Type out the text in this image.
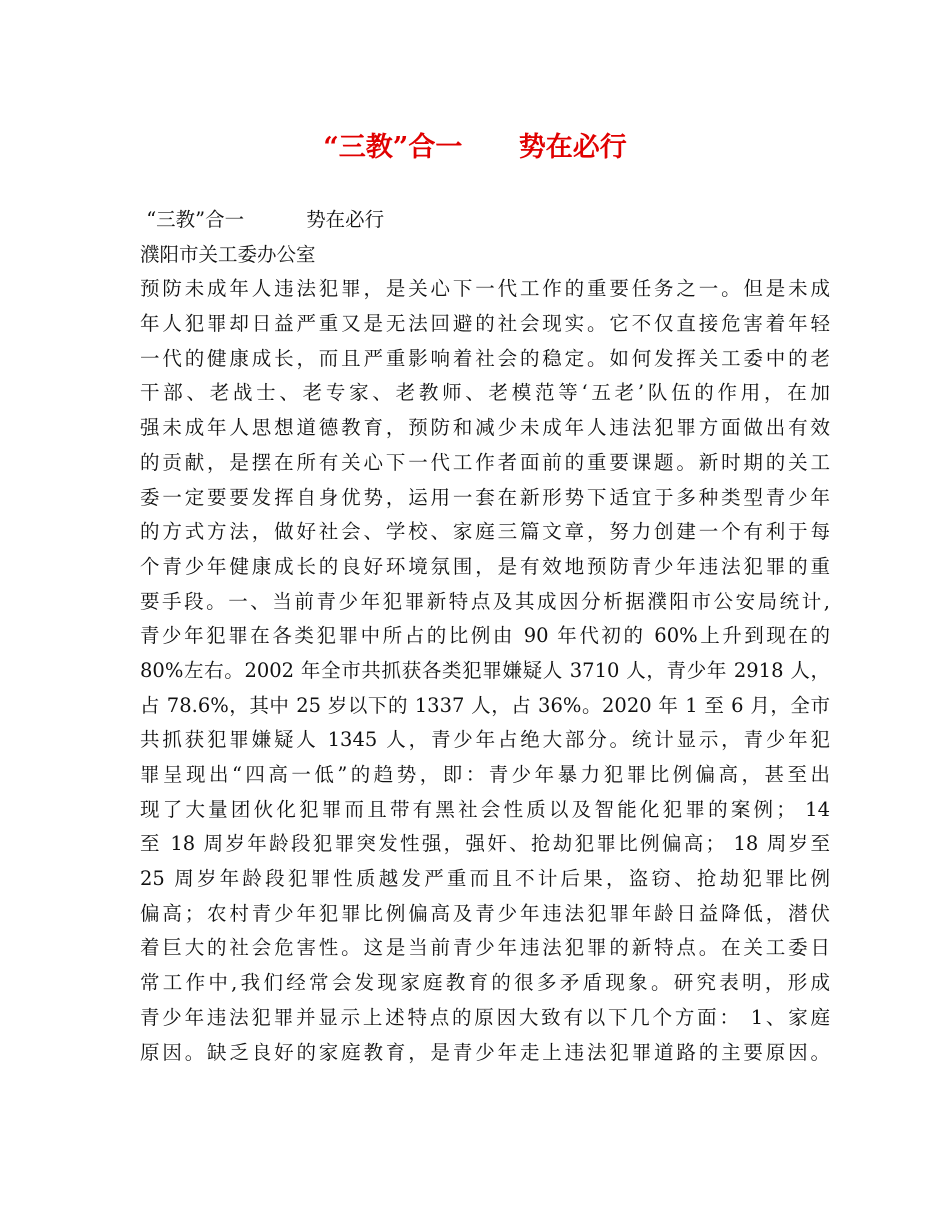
“三教”合一      势在必行
“三教”合一          势在必行
濮阳市关工委办公室
预防未成年人违法犯罪，是关心下一代工作的重要任务之一。但是未成
年人犯罪却日益严重又是无法回避的社会现实。它不仅直接危害着年轻
一代的健康成长，而且严重影响着社会的稳定。如何发挥关工委中的老
干部、老战士、老专家、老教师、老模范等‘五老’队伍的作用，在加
强未成年人思想道德教育，预防和减少未成年人违法犯罪方面做出有效
的贡献，是摆在所有关心下一代工作者面前的重要课题。新时期的关工
委一定要要发挥自身优势，运用一套在新形势下适宜于多种类型青少年
的方式方法，做好社会、学校、家庭三篇文章，努力创建一个有利于每
个青少年健康成长的良好环境氛围，是有效地预防青少年违法犯罪的重
要手段。一、当前青少年犯罪新特点及其成因分析据濮阳市公安局统计,
青少年犯罪在各类犯罪中所占的比例由 90 年代初的 60%上升到现在的
80%左右。2002 年全市共抓获各类犯罪嫌疑人 3710 人，青少年 2918 人，
占 78.6%，其中 25 岁以下的 1337 人，占 36%。2020 年 1 至 6 月，全市
共抓获犯罪嫌疑人 1345 人，青少年占绝大部分。统计显示，青少年犯
罪呈现出“四高一低”的趋势，即：青少年暴力犯罪比例偏高，甚至出
现了大量团伙化犯罪而且带有黑社会性质以及智能化犯罪的案例； 14
至 18 周岁年龄段犯罪突发性强，强奸、抢劫犯罪比例偏高； 18 周岁至
25 周岁年龄段犯罪性质越发严重而且不计后果，盗窃、抢劫犯罪比例
偏高；农村青少年犯罪比例偏高及青少年违法犯罪年龄日益降低，潜伏
着巨大的社会危害性。这是当前青少年违法犯罪的新特点。在关工委日
常工作中,我们经常会发现家庭教育的很多矛盾现象。研究表明，形成
青少年违法犯罪并显示上述特点的原因大致有以下几个方面： 1、家庭
原因。缺乏良好的家庭教育，是青少年走上违法犯罪道路的主要原因。
